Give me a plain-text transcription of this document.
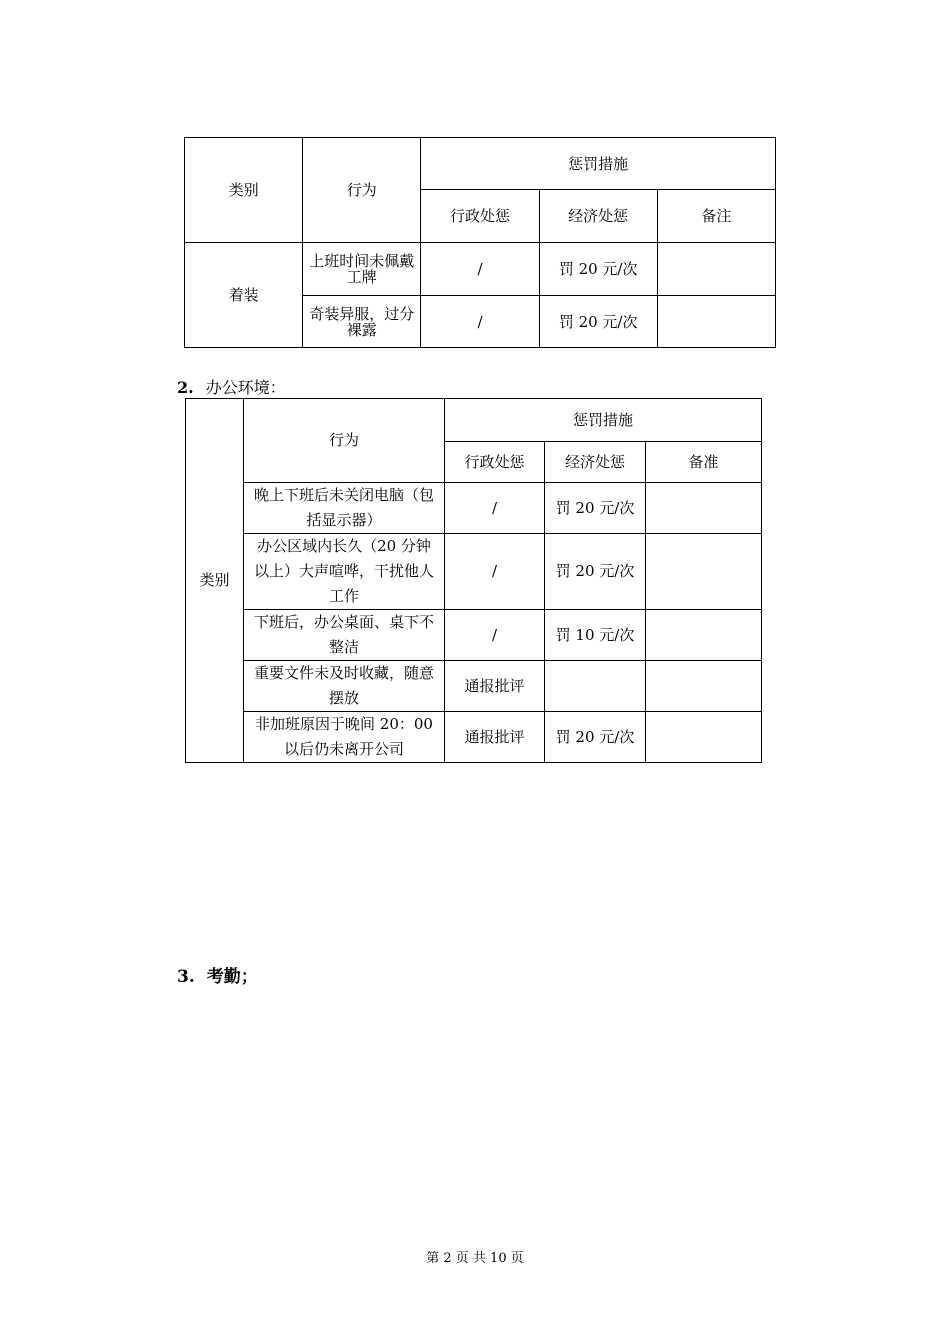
类别	行为	惩罚措施		
		行政处惩	经济处惩	备注
着装	上班时间未佩戴工牌	/	罚 20 元/次	
	奇装异服，过分裸露	/	罚 20 元/次	
2. 办公环境：
类别	行为	惩罚措施		
		行政处惩	经济处惩	备准
	晚上下班后未关闭电脑（包括显示器）	/	罚 20 元/次	
	办公区域内长久（20 分钟以上）大声喧哗，干扰他人工作	/	罚 20 元/次	
	下班后，办公桌面、桌下不整洁	/	罚 10 元/次	
	重要文件未及时收藏，随意摆放	通报批评		
	非加班原因于晚间 20：00 以后仍未离开公司	通报批评	罚 20 元/次	
3. 考勤；
第 2 页 共 10 页
